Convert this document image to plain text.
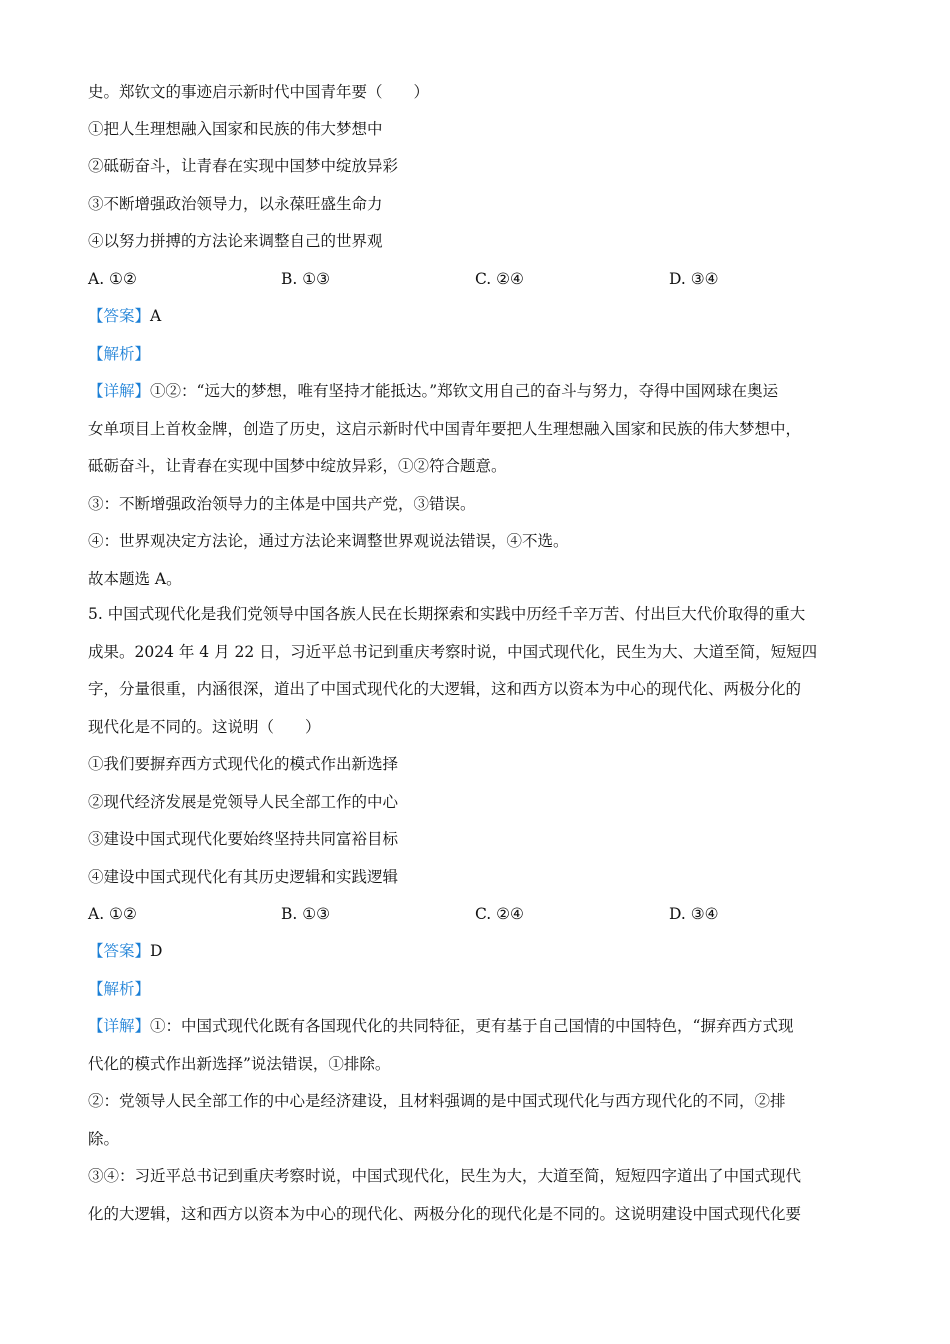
史。郑钦文的事迹启示新时代中国青年要（　　）
①把人生理想融入国家和民族的伟大梦想中
②砥砺奋斗，让青春在实现中国梦中绽放异彩
③不断增强政治领导力，以永葆旺盛生命力
④以努力拼搏的方法论来调整自己的世界观
A. ①②	B. ①③	C. ②④	D. ③④
【答案】A
【解析】
【详解】①②：“远大的梦想，唯有坚持才能抵达。”郑钦文用自己的奋斗与努力，夺得中国网球在奥运
女单项目上首枚金牌，创造了历史，这启示新时代中国青年要把人生理想融入国家和民族的伟大梦想中，
砥砺奋斗，让青春在实现中国梦中绽放异彩，①②符合题意。
③：不断增强政治领导力的主体是中国共产党，③错误。
④：世界观决定方法论，通过方法论来调整世界观说法错误，④不选。
故本题选 A。
5. 中国式现代化是我们党领导中国各族人民在长期探索和实践中历经千辛万苦、付出巨大代价取得的重大
成果。2024 年 4 月 22 日，习近平总书记到重庆考察时说，中国式现代化，民生为大、大道至简，短短四
字，分量很重，内涵很深，道出了中国式现代化的大逻辑，这和西方以资本为中心的现代化、两极分化的
现代化是不同的。这说明（　　）
①我们要摒弃西方式现代化的模式作出新选择
②现代经济发展是党领导人民全部工作的中心
③建设中国式现代化要始终坚持共同富裕目标
④建设中国式现代化有其历史逻辑和实践逻辑
A. ①②	B. ①③	C. ②④	D. ③④
【答案】D
【解析】
【详解】①：中国式现代化既有各国现代化的共同特征，更有基于自己国情的中国特色，“摒弃西方式现
代化的模式作出新选择”说法错误，①排除。
②：党领导人民全部工作的中心是经济建设，且材料强调的是中国式现代化与西方现代化的不同，②排
除。
③④：习近平总书记到重庆考察时说，中国式现代化，民生为大，大道至简，短短四字道出了中国式现代
化的大逻辑，这和西方以资本为中心的现代化、两极分化的现代化是不同的。这说明建设中国式现代化要
